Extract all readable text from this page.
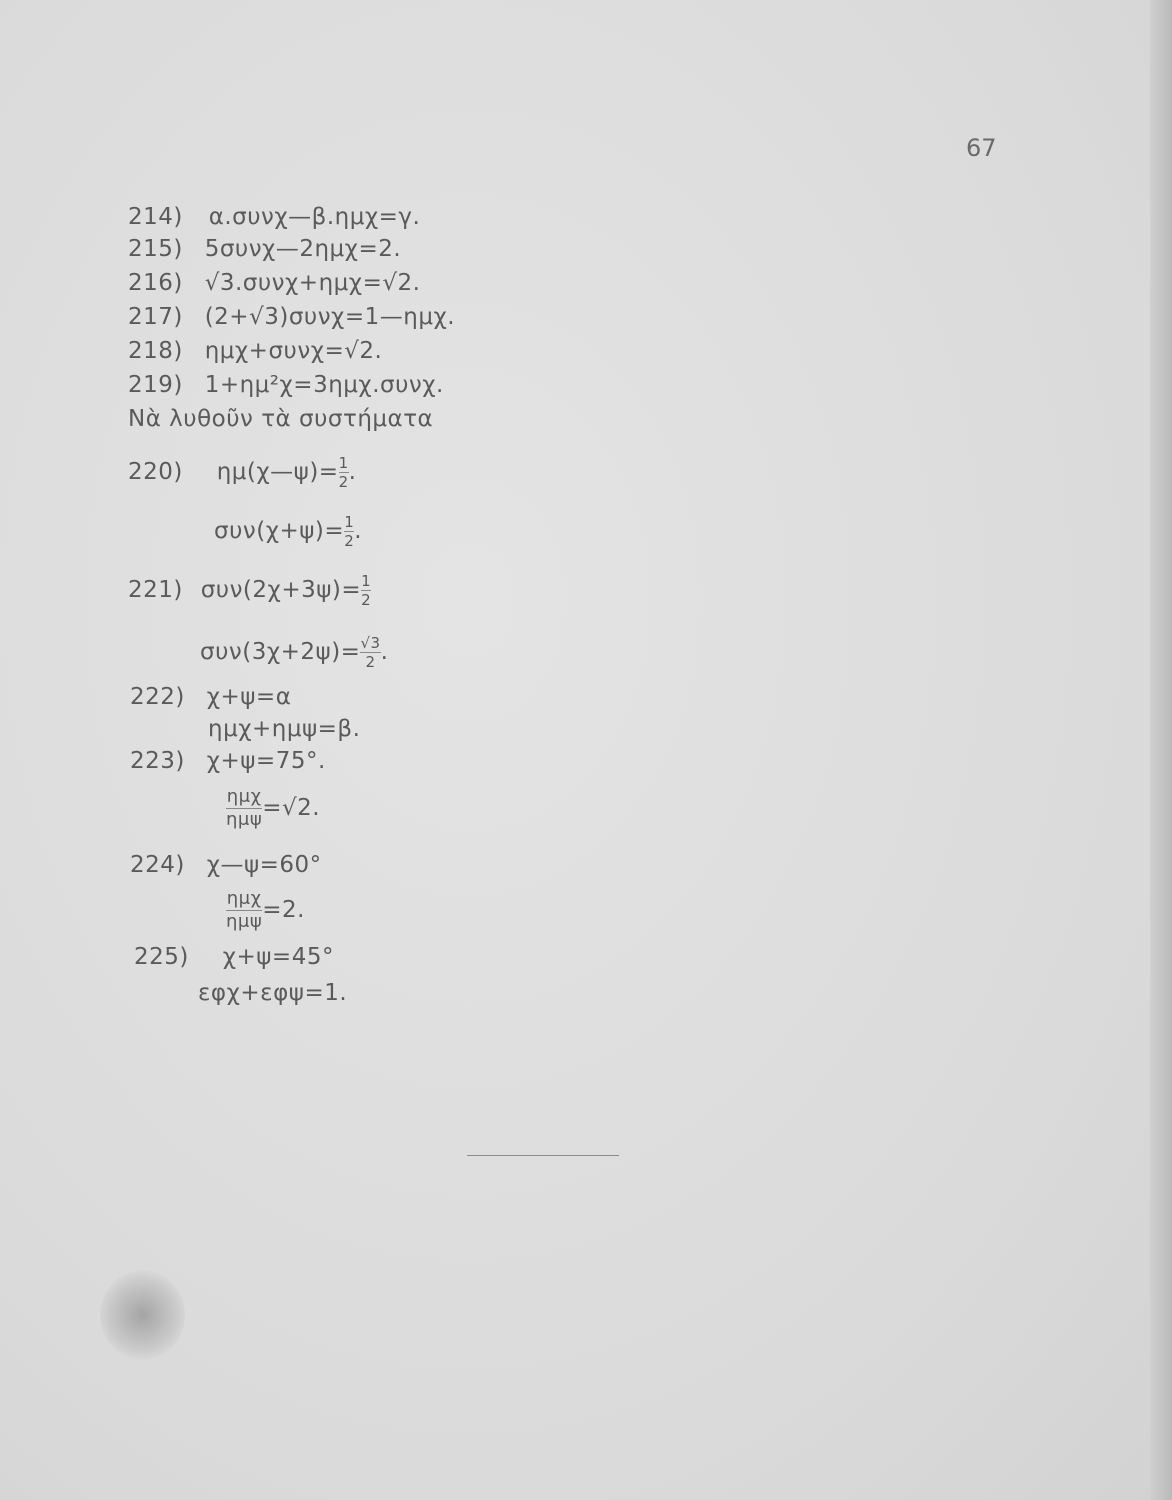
67
214) α.συνχ—β.ημχ=γ.
215) 5συνχ—2ημχ=2.
216) √3.συνχ+ημχ=√2.
217) (2+√3)συνχ=1—ημχ.
218) ημχ+συνχ=√2.
219) 1+ημ²χ=3ημχ.συνχ.
Νὰ λυθοῦν τὰ συστήματα
220) ημ(χ—ψ)= $\frac{1}{2}$ .
$\sigma\upsilon\nu(\chi+\psi)= \frac{1}{2}$ .
221) $\sigma\upsilon\nu(2\chi+3\psi)= \frac{1}{2}$
$\sigma\upsilon\nu(3\chi+2\psi)= \frac{√3}{2}$ .
222) χ+ψ=α
ημχ+ημψ=β.
223) χ+ψ=75°.
$\frac{\text{ημχ}}{\text{ημψ}} =√2$.
224) χ—ψ=60°
$\frac{\text{ημχ}}{\text{ημψ}} =2$.
225) χ+ψ=45°
εφχ+εφψ=1.
